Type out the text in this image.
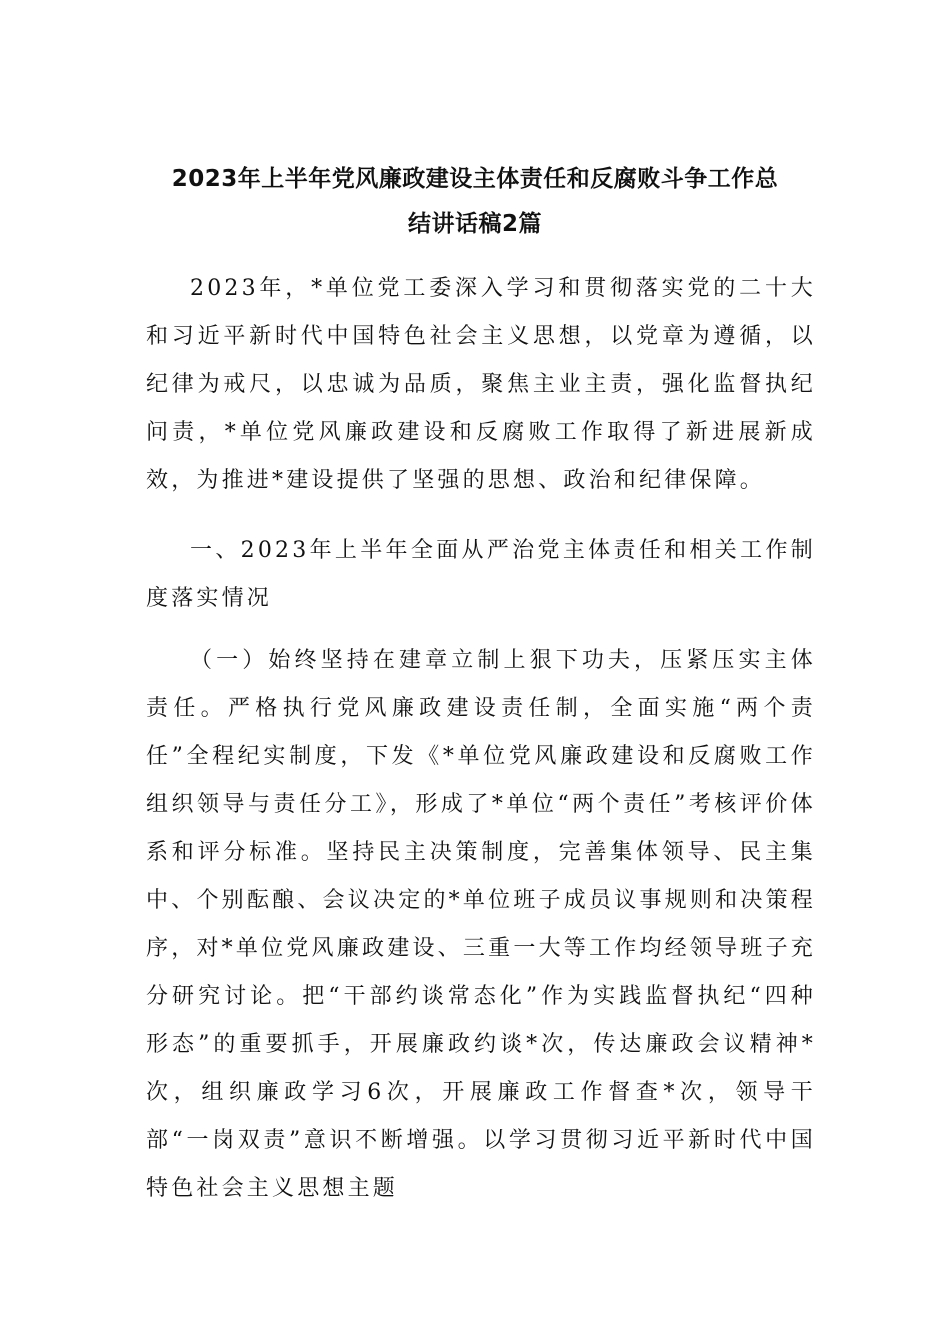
2023年上半年党风廉政建设主体责任和反腐败斗争工作总
结讲话稿2篇

2023年，*单位党工委深入学习和贯彻落实党的二十大和习近平新时代中国特色社会主义思想，以党章为遵循，以纪律为戒尺，以忠诚为品质，聚焦主业主责，强化监督执纪问责，*单位党风廉政建设和反腐败工作取得了新进展新成效，为推进*建设提供了坚强的思想、政治和纪律保障。

一、2023年上半年全面从严治党主体责任和相关工作制度落实情况

（一）始终坚持在建章立制上狠下功夫，压紧压实主体责任。严格执行党风廉政建设责任制，全面实施“两个责任”全程纪实制度，下发《*单位党风廉政建设和反腐败工作组织领导与责任分工》，形成了*单位“两个责任”考核评价体系和评分标准。坚持民主决策制度，完善集体领导、民主集中、个别酝酿、会议决定的*单位班子成员议事规则和决策程序，对*单位党风廉政建设、三重一大等工作均经领导班子充分研究讨论。把“干部约谈常态化”作为实践监督执纪“四种形态”的重要抓手，开展廉政约谈*次，传达廉政会议精神*次，组织廉政学习6次，开展廉政工作督查*次，领导干部“一岗双责”意识不断增强。以学习贯彻习近平新时代中国特色社会主义思想主题
